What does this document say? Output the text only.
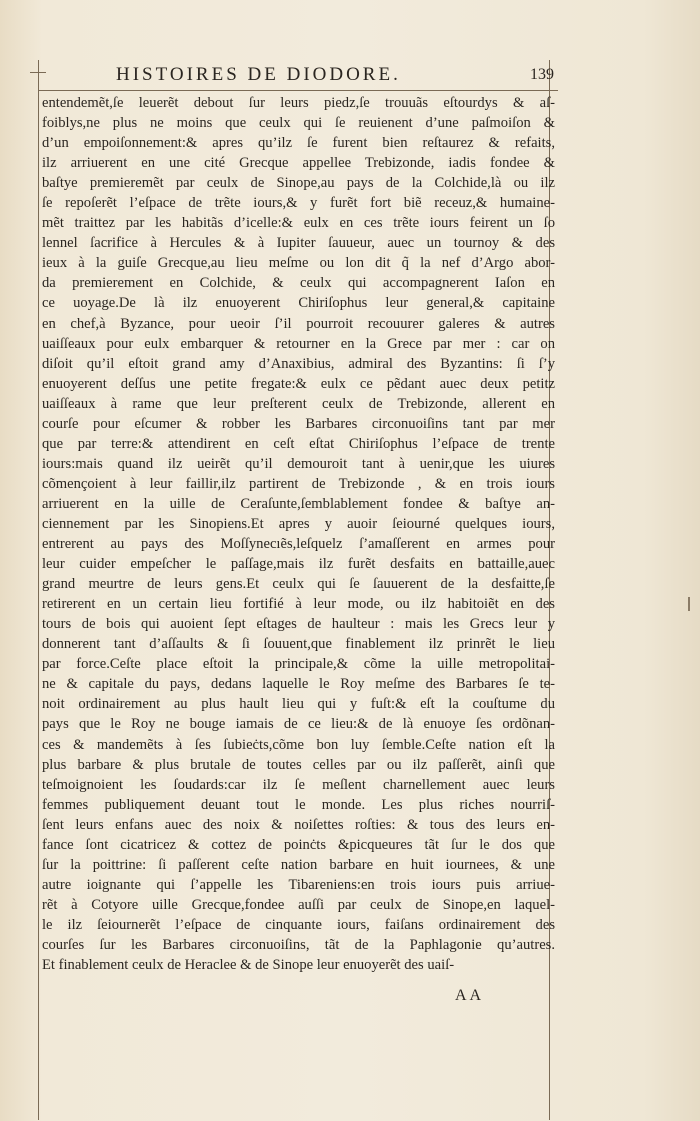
HISTOIRES DE DIODORE.	139
entendemẽt,ſe leuerẽt debout ſur leurs piedz,ſe trouuãs eſtourdys & aſ-
foiblys,ne plus ne moins que ceulx qui ſe reuienent d’une paſmoiſon &
d’un empoiſonnement:& apres qu’ilz ſe furent bien reſtaurez & refaits,
ilz arriuerent en une cité Grecque appellee Trebizonde, iadis fondee &
baſtye premieremẽt par ceulx de Sinope,au pays de la Colchide,là ou ilz
ſe repoſerẽt l’eſpace de trẽte iours,& y furẽt fort biẽ receuz,& humaine-
mẽt traittez par les habitãs d’icelle:& eulx en ces trẽte iours feirent un ſo
lennel ſacrifice à Hercules & à Iupiter ſauueur, auec un tournoy & des
ieux à la guiſe Grecque,au lieu meſme ou lon dit q̃ la nef d’Argo abor-
da premierement en Colchide, & ceulx qui accompagnerent Iaſon en
ce uoyage.De là ilz enuoyerent Chiriſophus leur general,& capitaine
en chef,à Byzance, pour ueoir ſ’il pourroit recouurer galeres & autres
uaiſſeaux pour eulx embarquer & retourner en la Grece par mer : car on
diſoit qu’il eſtoit grand amy d’Anaxibius, admiral des Byzantins: ſi ſ’y
enuoyerent deſſus une petite fregate:& eulx ce pẽdant auec deux petitz
uaiſſeaux à rame que leur preſterent ceulx de Trebizonde, allerent en
courſe pour eſcumer & robber les Barbares circonuoiſins tant par mer
que par terre:& attendirent en ceſt eſtat Chiriſophus l’eſpace de trente
iours:mais quand ilz ueirẽt qu’il demouroit tant à uenir,que les uiures
cõmençoient à leur faillir,ilz partirent de Trebizonde , & en trois iours
arriuerent en la uille de Ceraſunte,ſemblablement fondee & baſtye an-
ciennement par les Sinopiens.Et apres y auoir ſeiourné quelques iours,
entrerent au pays des Moſſynecıẽs,leſquelz ſ’amaſſerent en armes pour
leur cuider empeſcher le paſſage,mais ilz furẽt desfaits en battaille,auec
grand meurtre de leurs gens.Et ceulx qui ſe ſauuerent de la desfaitte,ſe
retirerent en un certain lieu fortifié à leur mode, ou ilz habitoiẽt en des
tours de bois qui auoient ſept eſtages de haulteur : mais les Grecs leur y
donnerent tant d’aſſaults & ſi ſouuent,que finablement ilz prinrẽt le lieu
par force.Ceſte place eſtoit la principale,& cõme la uille metropolitai-
ne & capitale du pays, dedans laquelle le Roy meſme des Barbares ſe te-
noit ordinairement au plus hault lieu qui y fuſt:& eſt la couſtume du
pays que le Roy ne bouge iamais de ce lieu:& de là enuoye ſes ordõnan-
ces & mandemẽts à ſes ſubieċts,cõme bon luy ſemble.Ceſte nation eſt la
plus barbare & plus brutale de toutes celles par ou ilz paſſerẽt, ainſi que
teſmoignoient les ſoudards:car ilz ſe meſlent charnellement auec leurs
femmes publiquement deuant tout le monde. Les plus riches nourriſ-
ſent leurs enfans auec des noix & noiſettes roſties: & tous des leurs en-
fance ſont cicatricez & cottez de poinċts &picqueures tãt ſur le dos que
ſur la poittrine: ſi paſſerent ceſte nation barbare en huit iournees, & une
autre ioignante qui ſ’appelle les Tibareniens:en trois iours puis arriue-
rẽt à Cotyore uille Grecque,fondee auſſi par ceulx de Sinope,en laquel-
le ilz ſeiournerẽt l’eſpace de cinquante iours, faiſans ordinairement des
courſes ſur les Barbares circonuoiſins, tãt de la Paphlagonie qu’autres.
Et finablement ceulx de Heraclee & de Sinope leur enuoyerẽt des uaiſ-
AA
